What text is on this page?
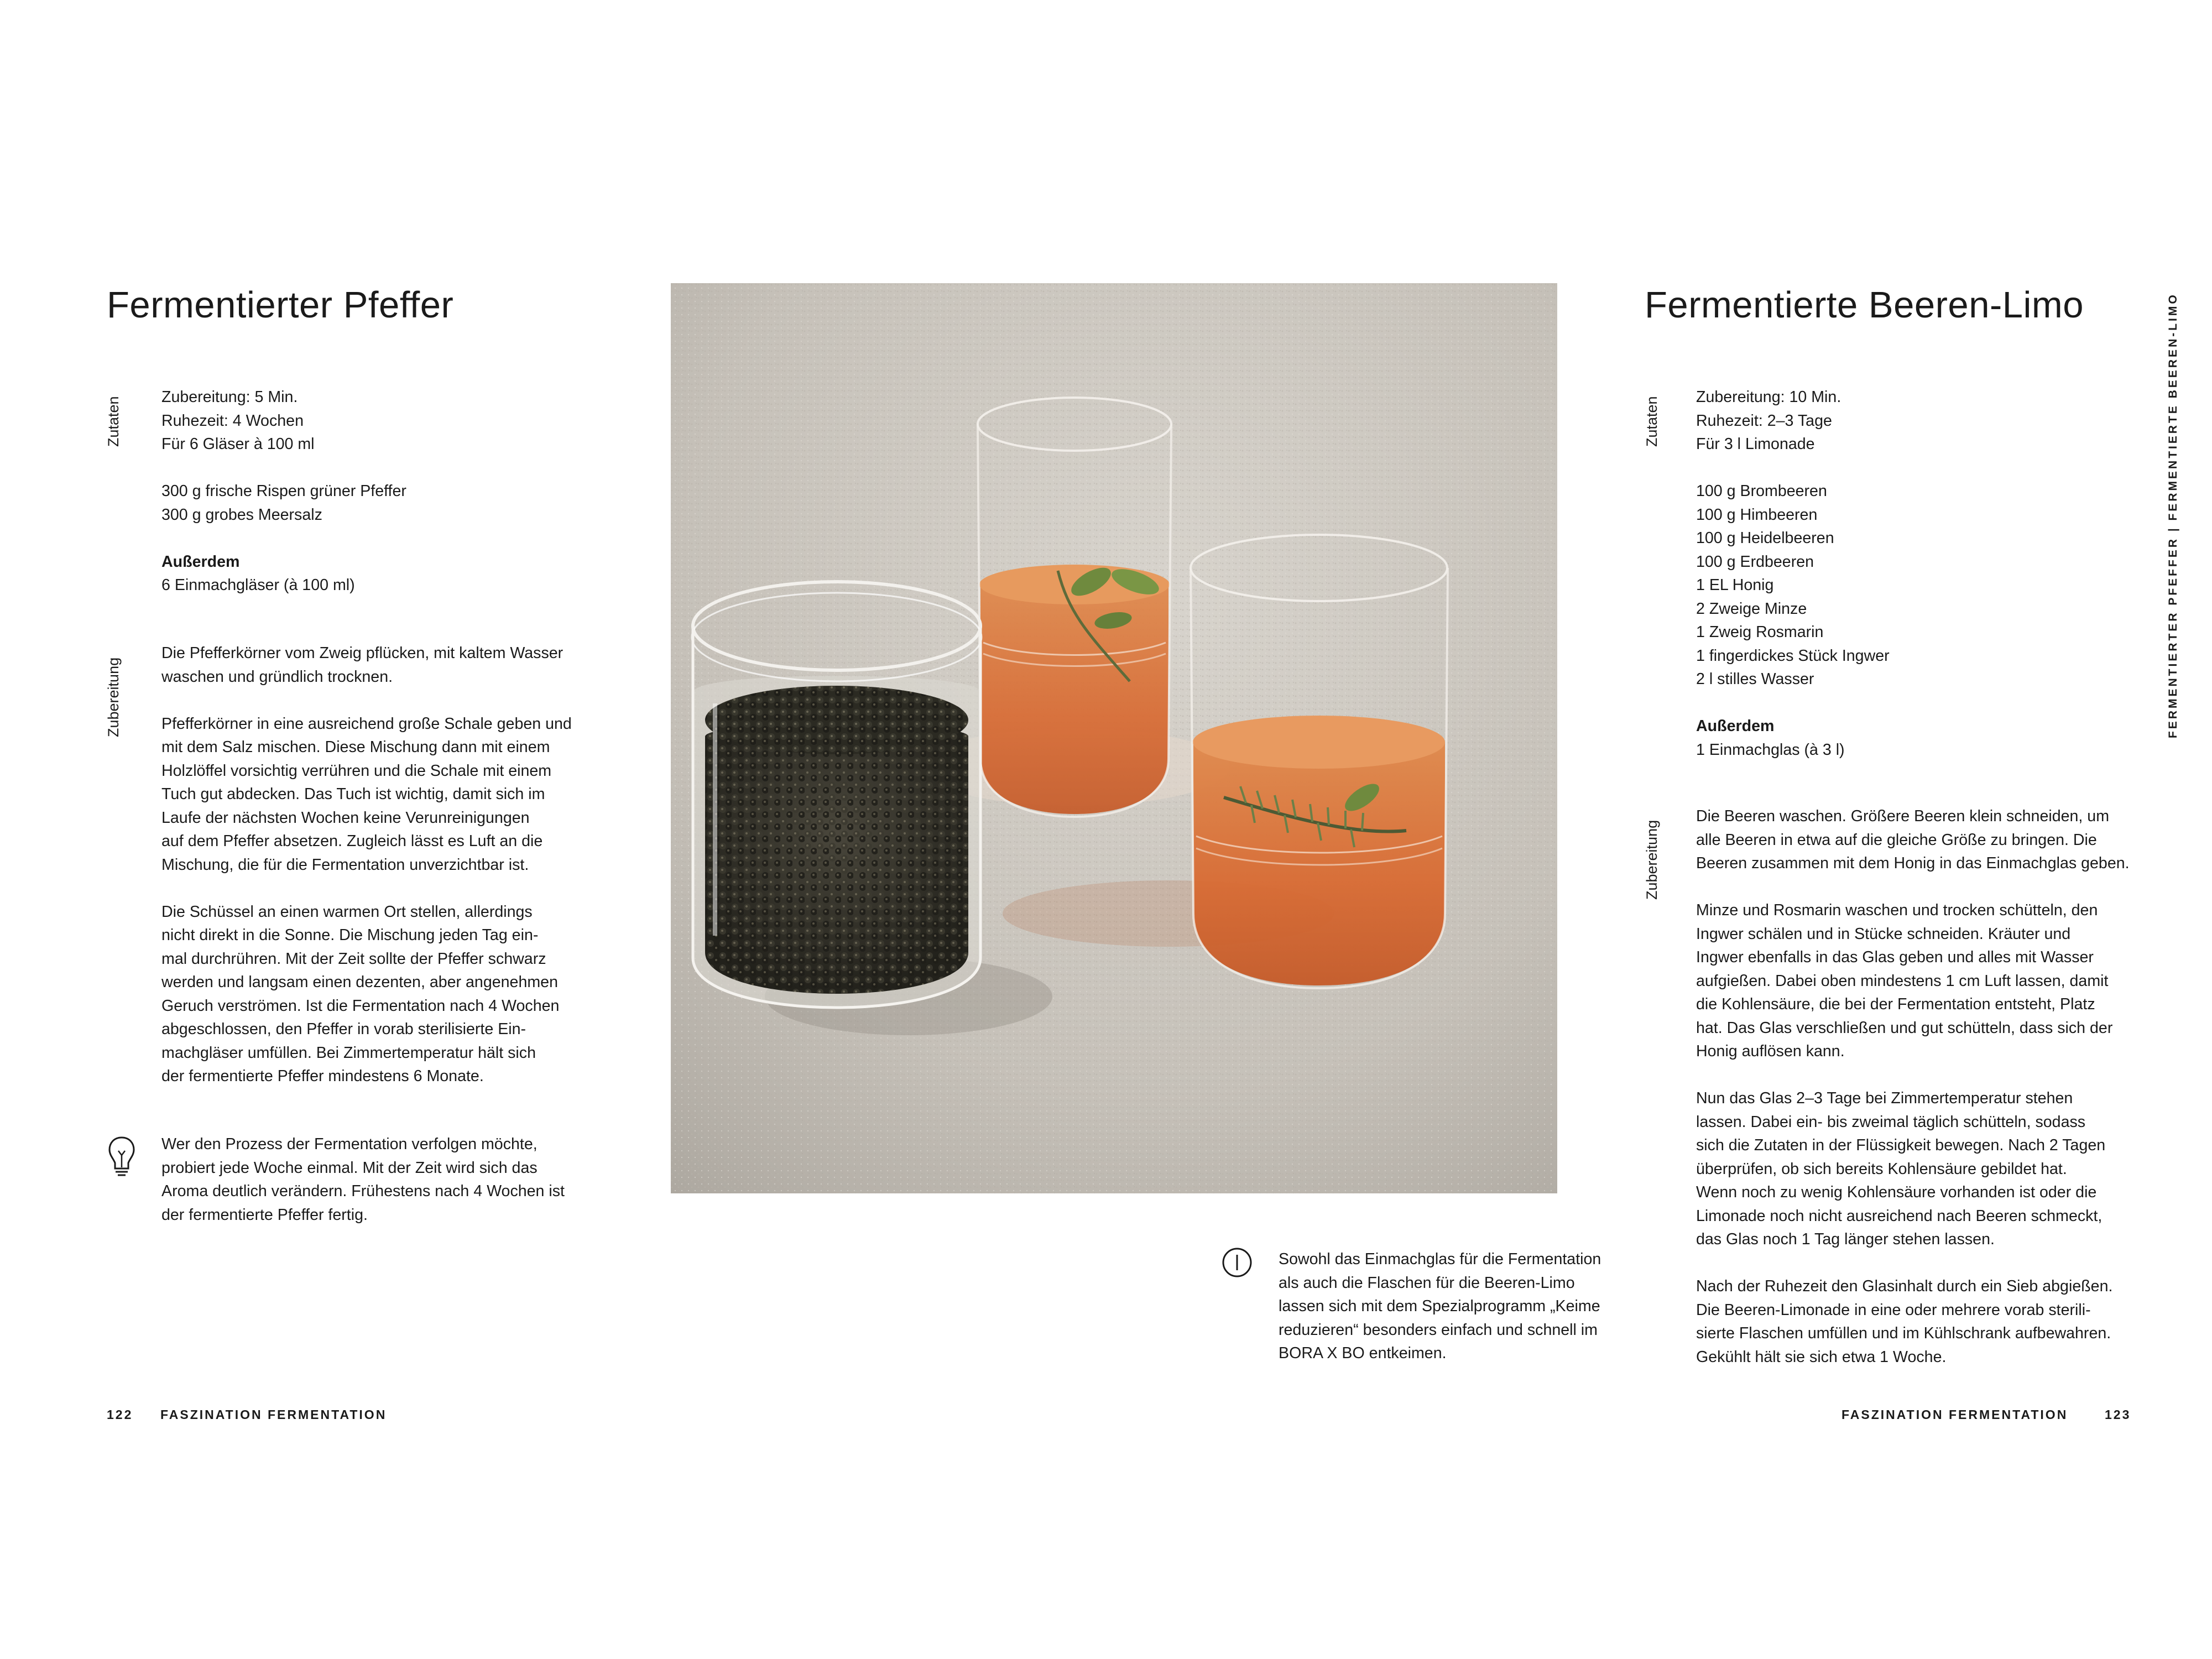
Fermentierter Pfeffer
Zutaten	Zubereitung: 5 Min.

Ruhezeit: 4 Wochen

Für 6 Gläser à 100 ml

300 g frische Rispen grüner Pfeffer

300 g grobes Meersalz

Außerdem

6 Einmachgläser (à 100 ml)

Zubereitung

Die Pfefferkörner vom Zweig pflücken, mit kaltem Wasser

waschen und gründlich trocknen.

Pfefferkörner in eine ausreichend große Schale geben und

mit dem Salz mischen. Diese Mischung dann mit einem

Holzlöffel vorsichtig verrühren und die Schale mit einem

Tuch gut abdecken. Das Tuch ist wichtig, damit sich im

Laufe der nächsten Wochen keine Verunreinigungen

auf dem Pfeffer absetzen. Zugleich lässt es Luft an die

Mischung, die für die Fermentation unverzichtbar ist.

Die Schüssel an einen warmen Ort stellen, allerdings

nicht direkt in die Sonne. Die Mischung jeden Tag ein-

mal durchrühren. Mit der Zeit sollte der Pfeffer schwarz

werden und langsam einen dezenten, aber angenehmen

Geruch verströmen. Ist die Fermentation nach 4 Wochen

abgeschlossen, den Pfeffer in vorab sterilisierte Ein-

machgläser umfüllen. Bei Zimmertemperatur hält sich

der fermentierte Pfeffer mindestens 6 Monate.

Wer den Prozess der Fermentation verfolgen möchte,

probiert jede Woche einmal. Mit der Zeit wird sich das

Aroma deutlich verändern. Frühestens nach 4 Wochen ist

der fermentierte Pfeffer fertig.

122 FASZINATION FERMENTATION

Sowohl das Einmachglas für die Fermentation

als auch die Flaschen für die Beeren-Limo

lassen sich mit dem Spezialprogramm „Keime

reduzieren“ besonders einfach und schnell im

BORA X BO entkeimen.

Fermentierte Beeren-Limo
Zutaten Zubereitung: 10 Min.

Ruhezeit: 2–3 Tage

Für 3 l Limonade

100 g Brombeeren

100 g Himbeeren

100 g Heidelbeeren

100 g Erdbeeren

1 EL Honig

2 Zweige Minze

1 Zweig Rosmarin

1 fingerdickes Stück Ingwer

2 l stilles Wasser

Außerdem

1 Einmachglas (à 3 l)

Zubereitung

Die Beeren waschen. Größere Beeren klein schneiden, um

alle Beeren in etwa auf die gleiche Größe zu bringen. Die

Beeren zusammen mit dem Honig in das Einmachglas geben.

Minze und Rosmarin waschen und trocken schütteln, den

Ingwer schälen und in Stücke schneiden. Kräuter und

Ingwer ebenfalls in das Glas geben und alles mit Wasser

aufgießen. Dabei oben mindestens 1 cm Luft lassen, damit

die Kohlensäure, die bei der Fermentation entsteht, Platz

hat. Das Glas verschließen und gut schütteln, dass sich der

Honig auflösen kann.

Nun das Glas 2–3 Tage bei Zimmertemperatur stehen

lassen. Dabei ein- bis zweimal täglich schütteln, sodass

sich die Zutaten in der Flüssigkeit bewegen. Nach 2 Tagen

überprüfen, ob sich bereits Kohlensäure gebildet hat.

Wenn noch zu wenig Kohlensäure vorhanden ist oder die

Limonade noch nicht ausreichend nach Beeren schmeckt,

das Glas noch 1 Tag länger stehen lassen.

Nach der Ruhezeit den Glasinhalt durch ein Sieb abgießen.

Die Beeren-Limonade in eine oder mehrere vorab sterili-

sierte Flaschen umfüllen und im Kühlschrank aufbewahren.

Gekühlt hält sie sich etwa 1 Woche.

FASZINATION FERMENTATION	123
FERMENTIERTER PFEFFER | FERMENTIERTE BEEREN-LIMO
